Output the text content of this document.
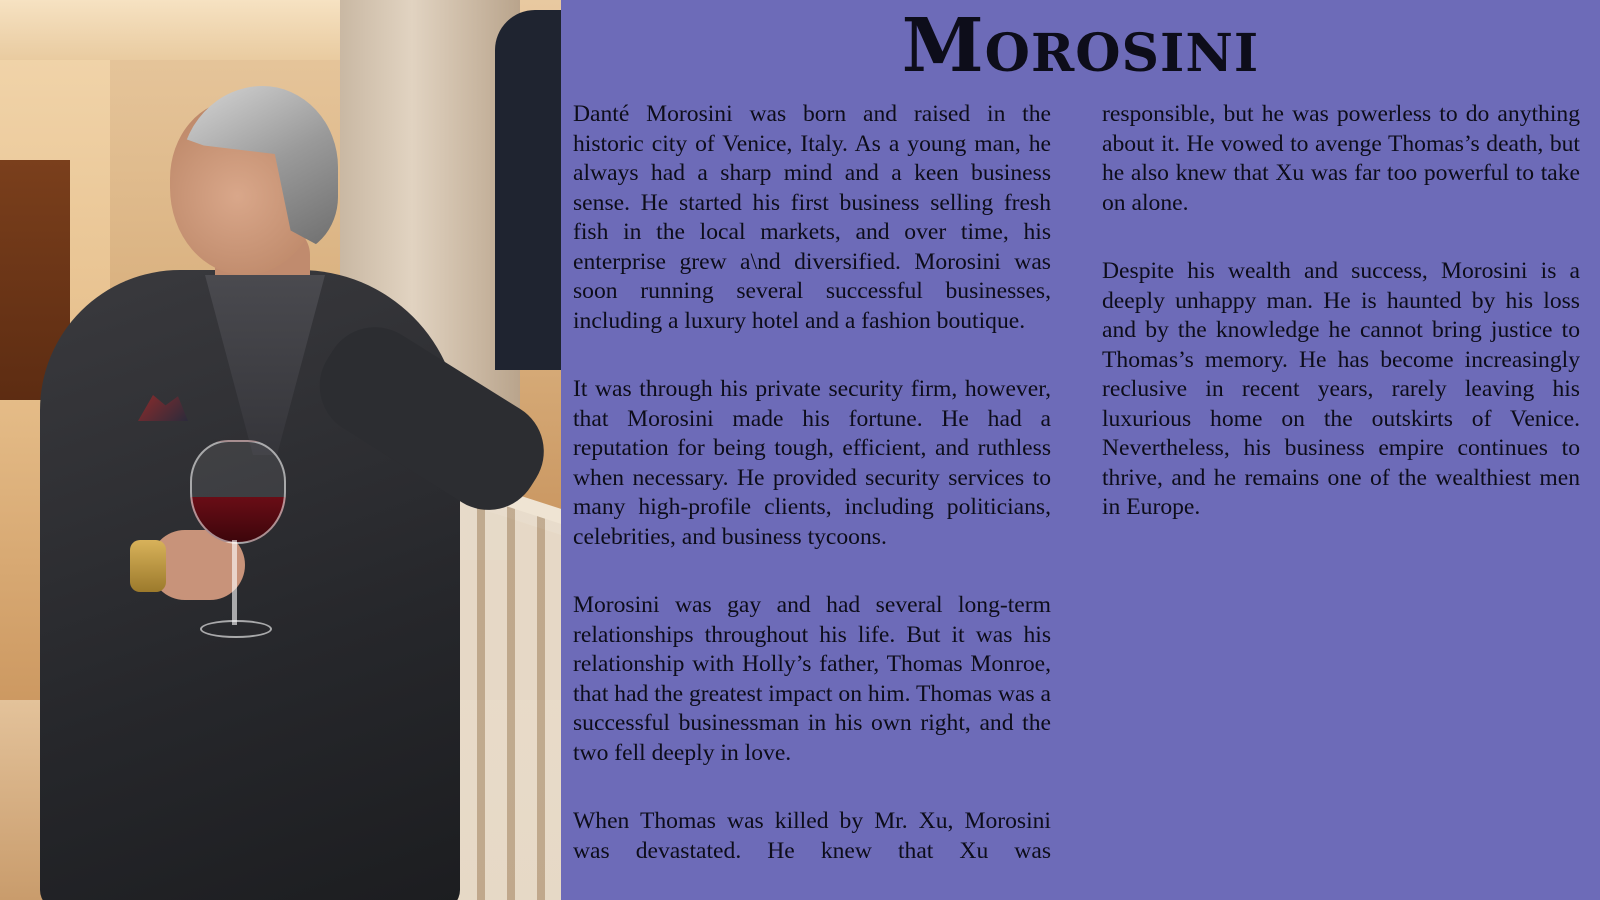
Morosini

Danté Morosini was born and raised in the historic city of Venice, Italy. As a young man, he always had a sharp mind and a keen business sense. He started his first business selling fresh fish in the local markets, and over time, his enterprise grew a\nd diversified. Morosini was soon running several successful businesses, including a luxury hotel and a fashion boutique.

It was through his private security firm, however, that Morosini made his fortune. He had a reputation for being tough, efficient, and ruthless when necessary. He provided security services to many high-profile clients, including politicians, celebrities, and business tycoons.

Morosini was gay and had several long-term relationships throughout his life. But it was his relationship with Holly’s father, Thomas Monroe, that had the greatest impact on him. Thomas was a successful businessman in his own right, and the two fell deeply in love.

When Thomas was killed by Mr. Xu, Morosini was devastated. He knew that Xu was

responsible, but he was powerless to do anything about it. He vowed to avenge Thomas’s death, but he also knew that Xu was far too powerful to take on alone.

Despite his wealth and success, Morosini is a deeply unhappy man. He is haunted by his loss and by the knowledge he cannot bring justice to Thomas’s memory. He has become increasingly reclusive in recent years, rarely leaving his luxurious home on the outskirts of Venice. Nevertheless, his business empire continues to thrive, and he remains one of the wealthiest men in Europe.
